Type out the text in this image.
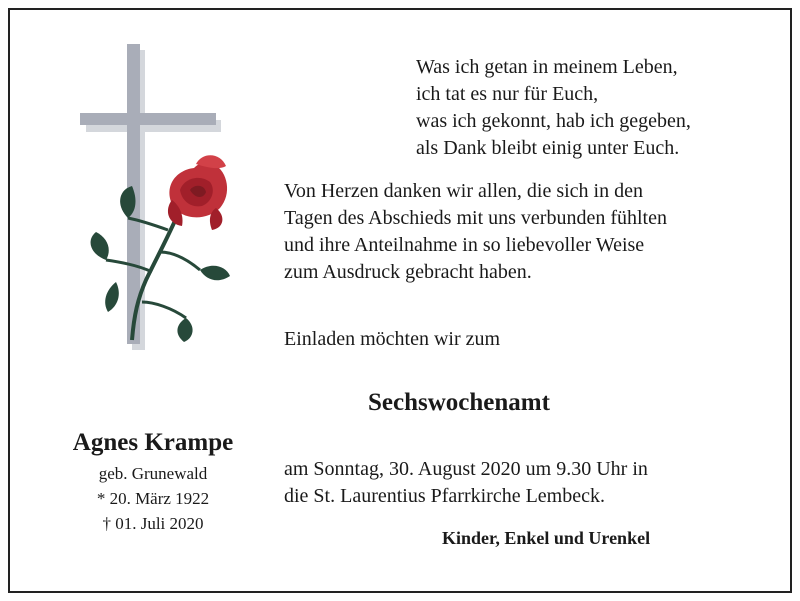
Was ich getan in meinem Leben,
ich tat es nur für Euch,
was ich gekonnt, hab ich gegeben,
als Dank bleibt einig unter Euch.
Von Herzen danken wir allen, die sich in den
Tagen des Abschieds mit uns verbunden fühlten
und ihre Anteilnahme in so liebevoller Weise
zum Ausdruck gebracht haben.
Einladen möchten wir zum
Sechswochenamt
am Sonntag, 30. August 2020 um 9.30 Uhr in
die St. Laurentius Pfarrkirche Lembeck.
Kinder, Enkel und Urenkel
Agnes Krampe
geb. Grunewald
* 20. März 1922
† 01. Juli 2020
